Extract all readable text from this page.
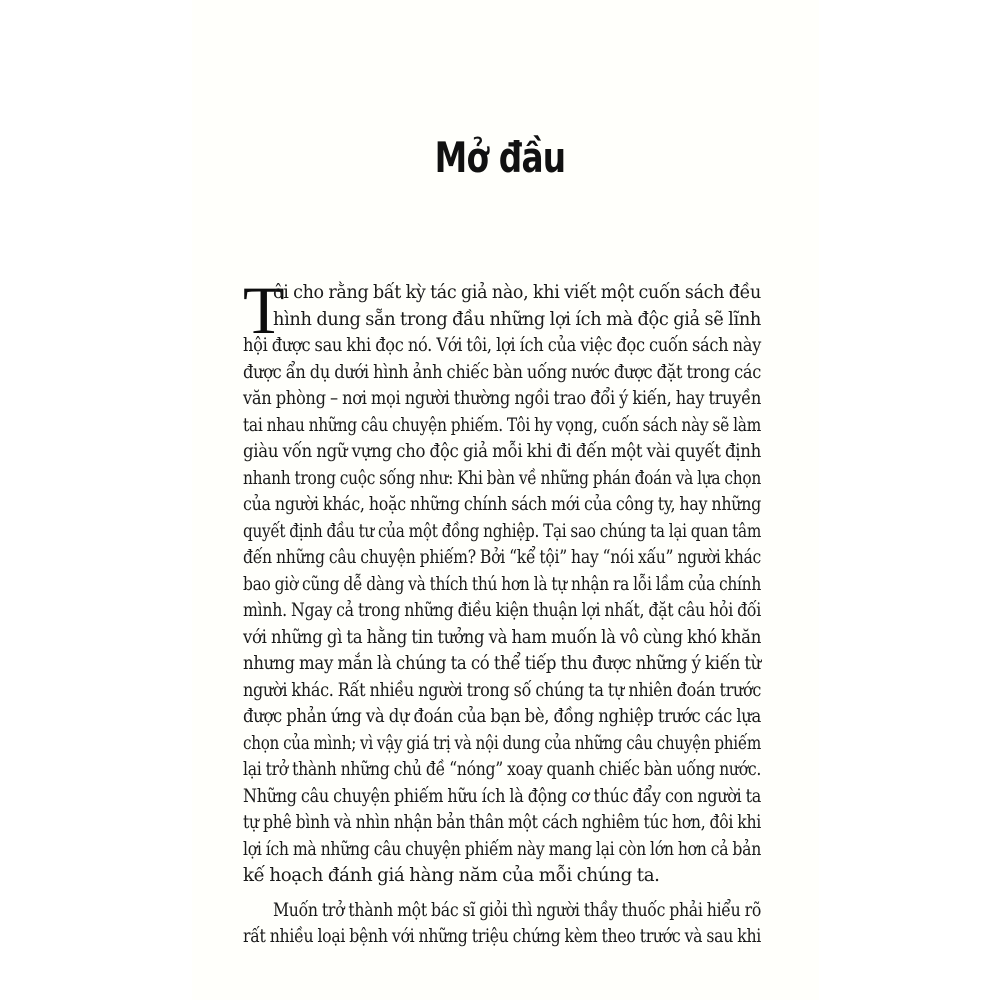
Mở đầu
T
ôi cho rằng bất kỳ tác giả nào, khi viết một cuốn sách đều
hình dung sẵn trong đầu những lợi ích mà độc giả sẽ lĩnh
hội được sau khi đọc nó. Với tôi, lợi ích của việc đọc cuốn sách này
được ẩn dụ dưới hình ảnh chiếc bàn uống nước được đặt trong các
văn phòng – nơi mọi người thường ngồi trao đổi ý kiến, hay truyền
tai nhau những câu chuyện phiếm. Tôi hy vọng, cuốn sách này sẽ làm
giàu vốn ngữ vựng cho độc giả mỗi khi đi đến một vài quyết định
nhanh trong cuộc sống như: Khi bàn về những phán đoán và lựa chọn
của người khác, hoặc những chính sách mới của công ty, hay những
quyết định đầu tư của một đồng nghiệp. Tại sao chúng ta lại quan tâm
đến những câu chuyện phiếm? Bởi “kể tội” hay “nói xấu” người khác
bao giờ cũng dễ dàng và thích thú hơn là tự nhận ra lỗi lầm của chính
mình. Ngay cả trong những điều kiện thuận lợi nhất, đặt câu hỏi đối
với những gì ta hằng tin tưởng và ham muốn là vô cùng khó khăn
nhưng may mắn là chúng ta có thể tiếp thu được những ý kiến từ
người khác. Rất nhiều người trong số chúng ta tự nhiên đoán trước
được phản ứng và dự đoán của bạn bè, đồng nghiệp trước các lựa
chọn của mình; vì vậy giá trị và nội dung của những câu chuyện phiếm
lại trở thành những chủ đề “nóng” xoay quanh chiếc bàn uống nước.
Những câu chuyện phiếm hữu ích là động cơ thúc đẩy con người ta
tự phê bình và nhìn nhận bản thân một cách nghiêm túc hơn, đôi khi
lợi ích mà những câu chuyện phiếm này mang lại còn lớn hơn cả bản
kế hoạch đánh giá hàng năm của mỗi chúng ta.
Muốn trở thành một bác sĩ giỏi thì người thầy thuốc phải hiểu rõ
rất nhiều loại bệnh với những triệu chứng kèm theo trước và sau khi
